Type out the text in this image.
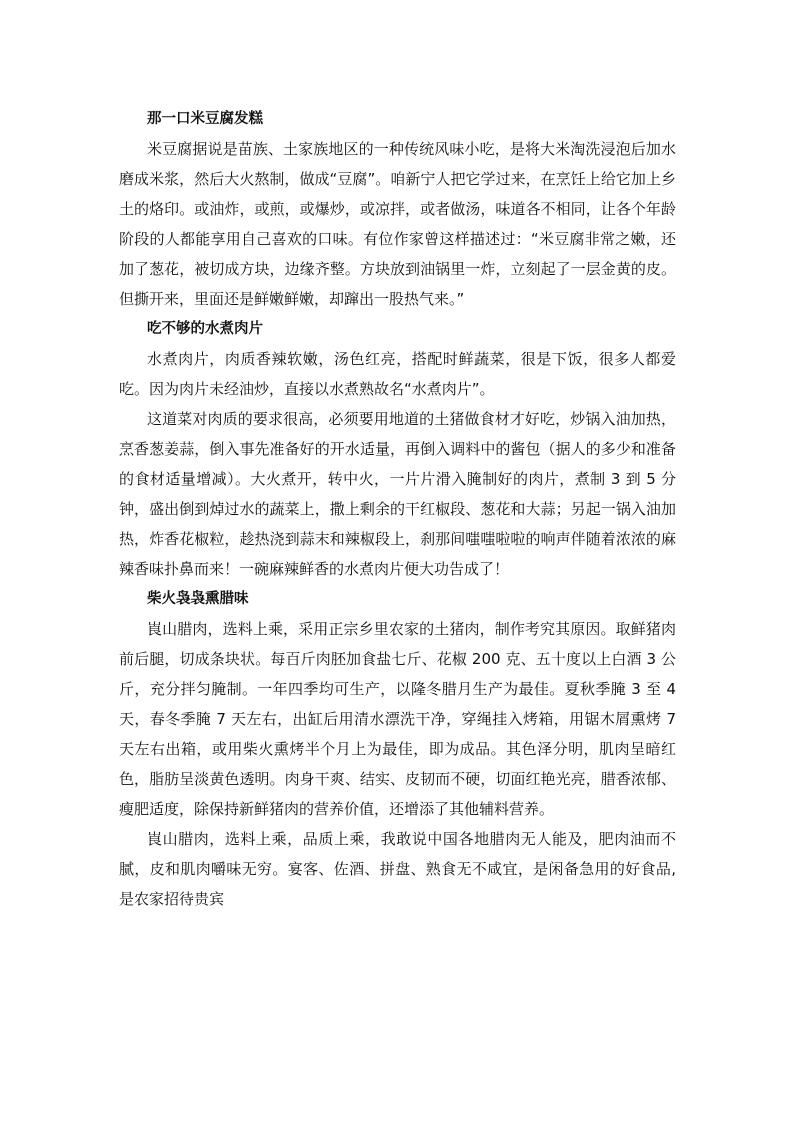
那一口米豆腐发糕

米豆腐据说是苗族、土家族地区的一种传统风味小吃，是将大米淘洗浸泡后加水磨成米浆，然后大火熬制，做成“豆腐”。咱新宁人把它学过来，在烹饪上给它加上乡土的烙印。或油炸，或煎，或爆炒，或凉拌，或者做汤，味道各不相同，让各个年龄阶段的人都能享用自己喜欢的口味。有位作家曾这样描述过：“米豆腐非常之嫩，还加了葱花，被切成方块，边缘齐整。方块放到油锅里一炸，立刻起了一层金黄的皮。但撕开来，里面还是鲜嫩鲜嫩，却蹿出一股热气来。”

吃不够的水煮肉片

水煮肉片，肉质香辣软嫩，汤色红亮，搭配时鲜蔬菜，很是下饭，很多人都爱吃。因为肉片未经油炒，直接以水煮熟故名“水煮肉片”。

这道菜对肉质的要求很高，必须要用地道的土猪做食材才好吃，炒锅入油加热，烹香葱姜蒜，倒入事先准备好的开水适量，再倒入调料中的酱包（据人的多少和准备的食材适量增减）。大火煮开，转中火，一片片滑入腌制好的肉片，煮制 3 到 5 分钟，盛出倒到焯过水的蔬菜上，撒上剩余的干红椒段、葱花和大蒜；另起一锅入油加热，炸香花椒粒，趁热浇到蒜末和辣椒段上，刹那间嗤嗤啦啦的响声伴随着浓浓的麻辣香味扑鼻而来！一碗麻辣鲜香的水煮肉片便大功告成了！

柴火袅袅熏腊味

崀山腊肉，选料上乘，采用正宗乡里农家的土猪肉，制作考究其原因。取鲜猪肉前后腿，切成条块状。每百斤肉胚加食盐七斤、花椒 200 克、五十度以上白酒 3 公斤，充分拌匀腌制。一年四季均可生产，以隆冬腊月生产为最佳。夏秋季腌 3 至 4 天，春冬季腌 7 天左右，出缸后用清水漂洗干净，穿绳挂入烤箱，用锯木屑熏烤 7 天左右出箱，或用柴火熏烤半个月上为最佳，即为成品。其色泽分明，肌肉呈暗红色，脂肪呈淡黄色透明。肉身干爽、结实、皮韧而不硬，切面红艳光亮，腊香浓郁、瘦肥适度，除保持新鲜猪肉的营养价值，还增添了其他辅料营养。

崀山腊肉，选料上乘，品质上乘，我敢说中国各地腊肉无人能及，肥肉油而不腻，皮和肌肉嚼味无穷。宴客、佐酒、拼盘、熟食无不咸宜，是闲备急用的好食品,是农家招待贵宾
